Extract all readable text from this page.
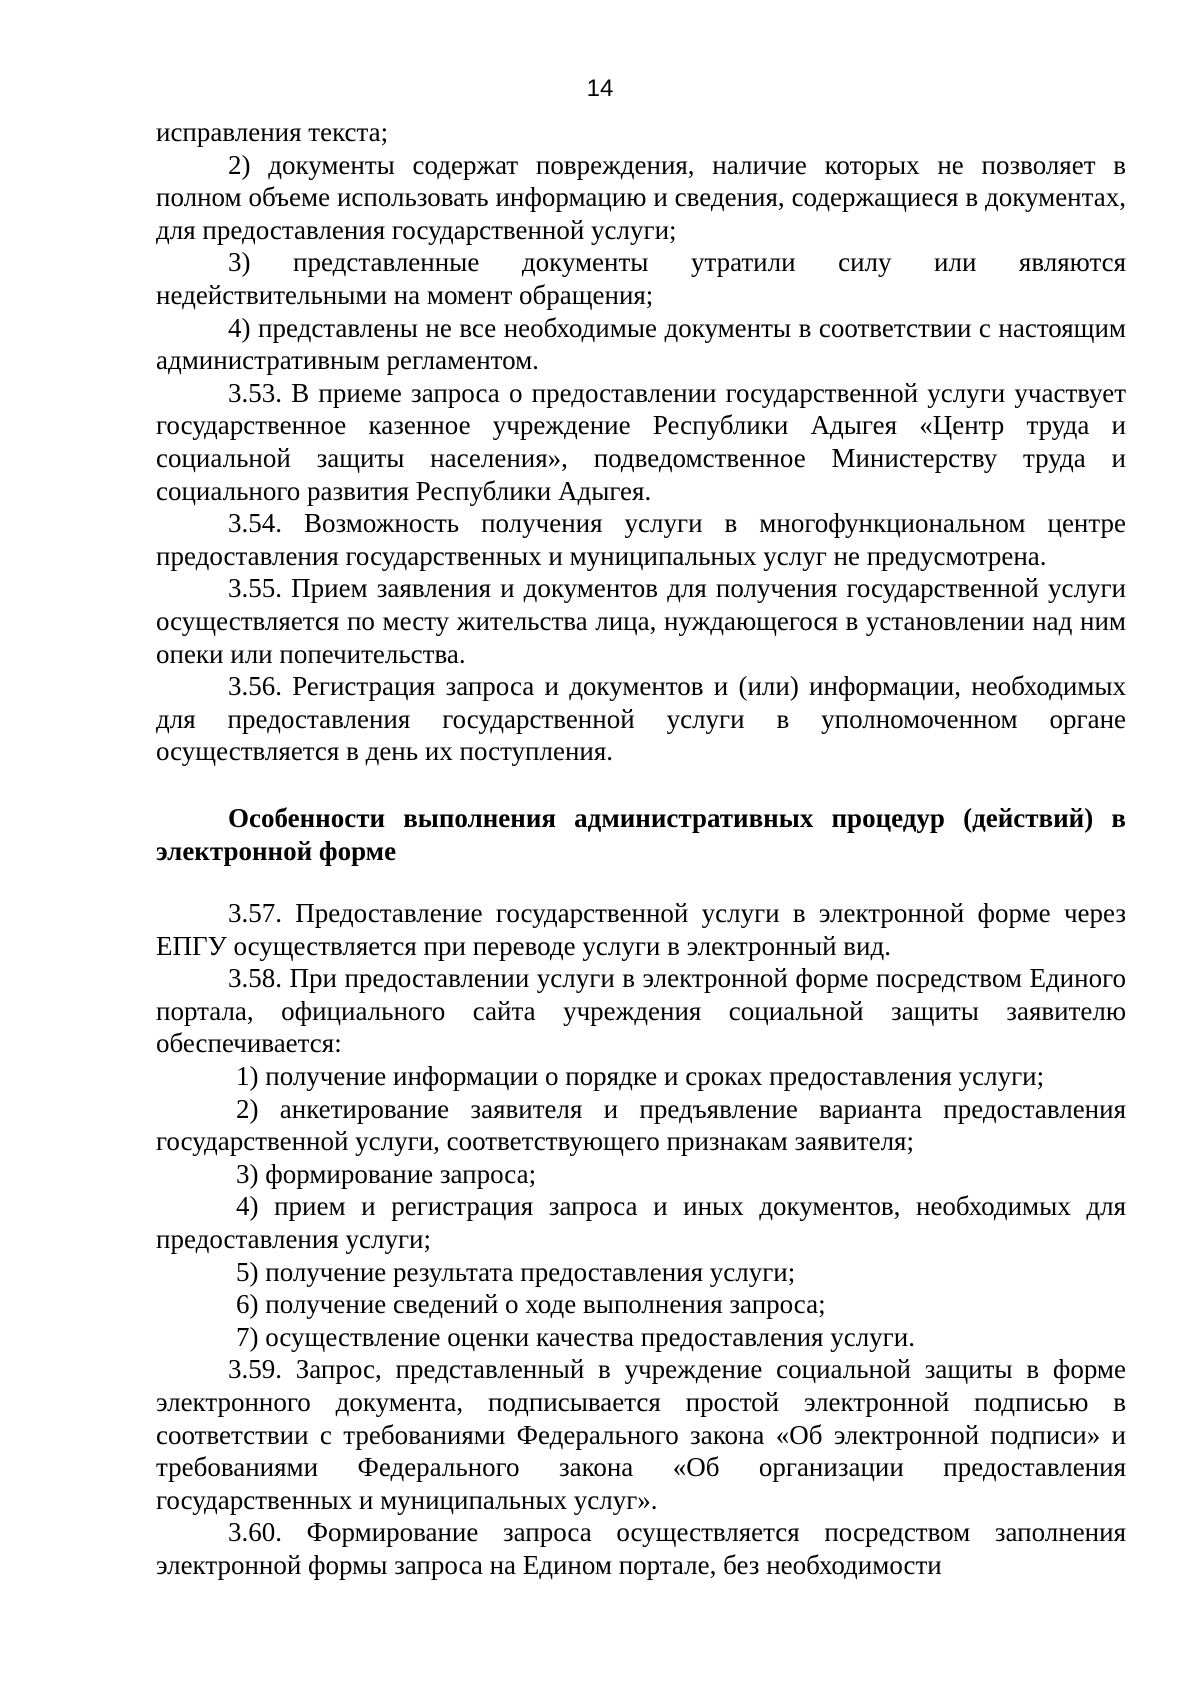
14

исправления текста;

2) документы содержат повреждения, наличие которых не позволяет в полном объеме использовать информацию и сведения, содержащиеся в документах, для предоставления государственной услуги;

3) представленные документы утратили силу или являются недействительными на момент обращения;

4) представлены не все необходимые документы в соответствии с настоящим административным регламентом.

3.53. В приеме запроса о предоставлении государственной услуги участвует государственное казенное учреждение Республики Адыгея «Центр труда и социальной защиты населения», подведомственное Министерству труда и социального развития Республики Адыгея.

3.54. Возможность получения услуги в многофункциональном центре предоставления государственных и муниципальных услуг не предусмотрена.

3.55. Прием заявления и документов для получения государственной услуги осуществляется по месту жительства лица, нуждающегося в установлении над ним опеки или попечительства.

3.56. Регистрация запроса и документов и (или) информации, необходимых для предоставления государственной услуги в уполномоченном органе осуществляется в день их поступления.

Особенности выполнения административных процедур (действий) в электронной форме

3.57. Предоставление государственной услуги в электронной форме через ЕПГУ осуществляется при переводе услуги в электронный вид.

3.58. При предоставлении услуги в электронной форме посредством Единого портала, официального сайта учреждения социальной защиты заявителю обеспечивается:

1) получение информации о порядке и сроках предоставления услуги;

2) анкетирование заявителя и предъявление варианта предоставления государственной услуги, соответствующего признакам заявителя;

3) формирование запроса;

4) прием и регистрация запроса и иных документов, необходимых для предоставления услуги;

5) получение результата предоставления услуги;

6) получение сведений о ходе выполнения запроса;

7) осуществление оценки качества предоставления услуги.

3.59. Запрос, представленный в учреждение социальной защиты в форме электронного документа, подписывается простой электронной подписью в соответствии с требованиями Федерального закона «Об электронной подписи» и требованиями Федерального закона «Об организации предоставления государственных и муниципальных услуг».

3.60. Формирование запроса осуществляется посредством заполнения электронной формы запроса на Едином портале, без необходимости
